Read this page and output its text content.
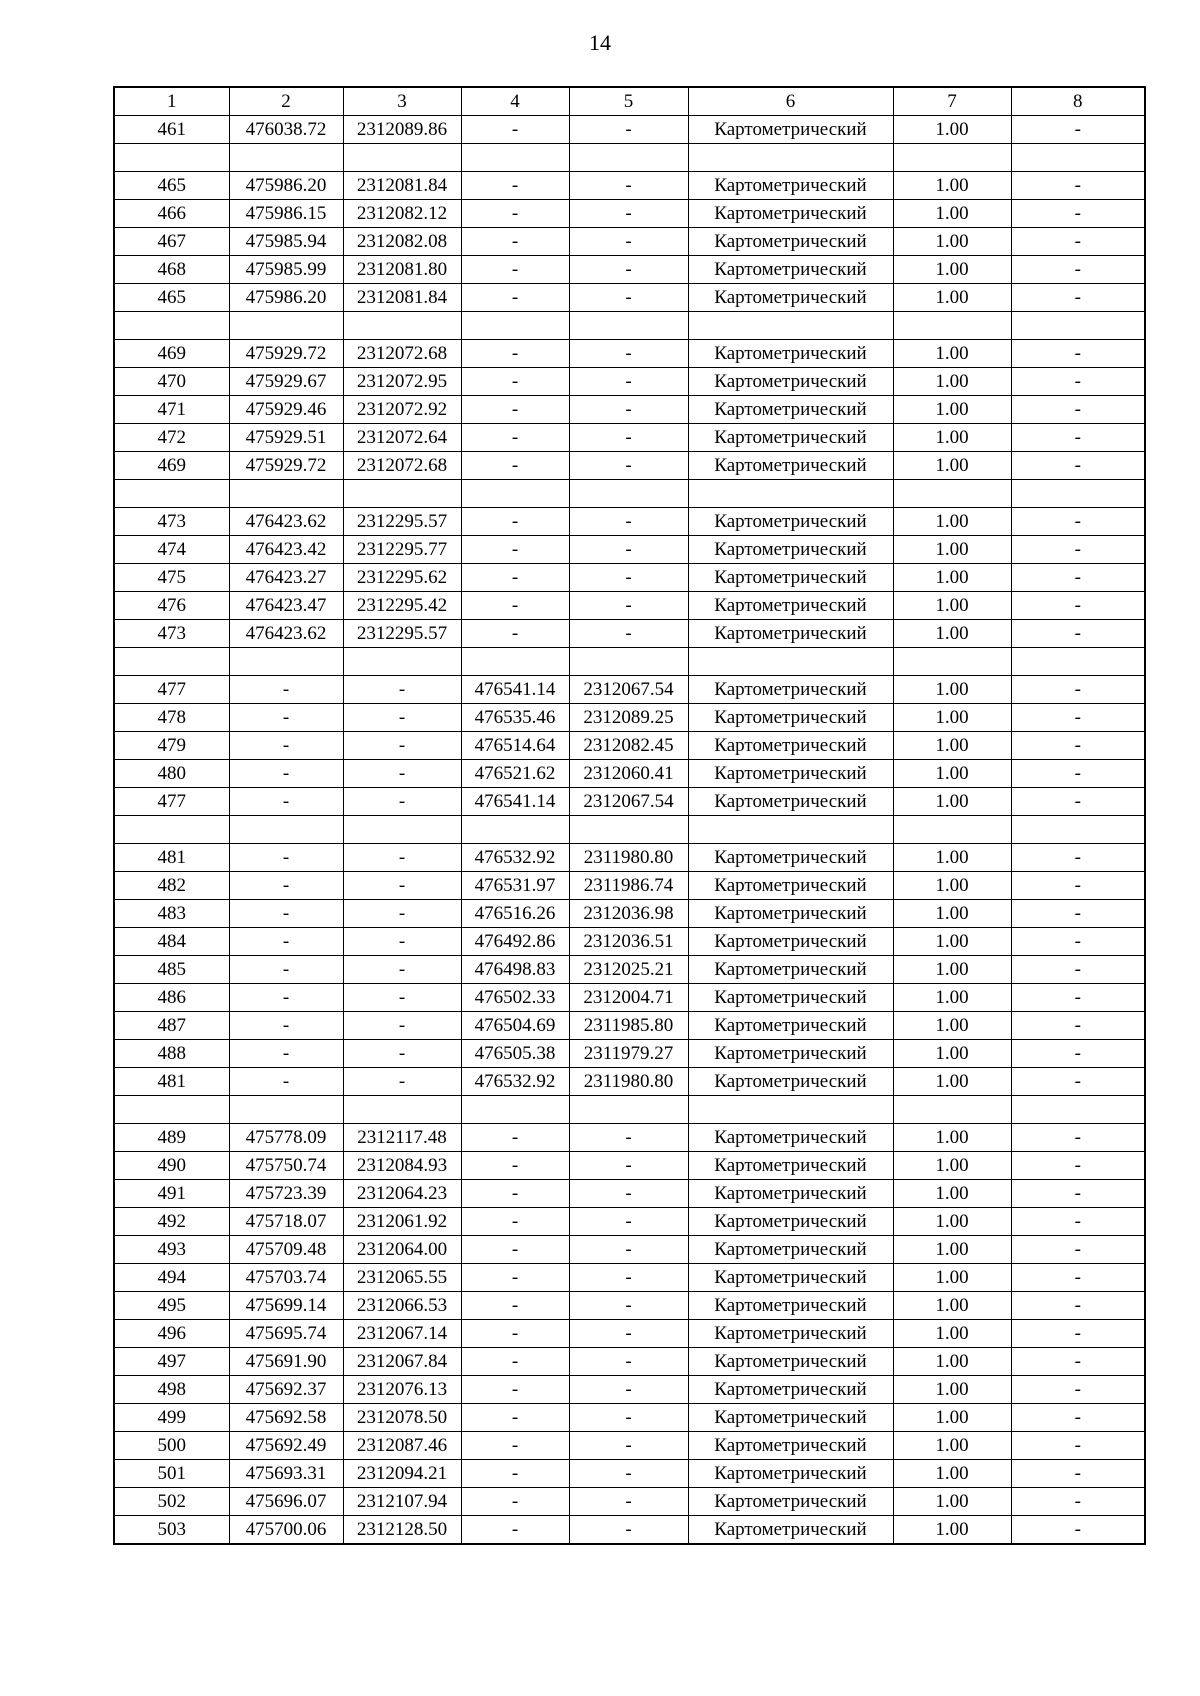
14
1	2	3	4	5	6	7	8
461	476038.72	2312089.86	-	-	Картометрический	1.00	-

465	475986.20	2312081.84	-	-	Картометрический	1.00	-
466	475986.15	2312082.12	-	-	Картометрический	1.00	-
467	475985.94	2312082.08	-	-	Картометрический	1.00	-
468	475985.99	2312081.80	-	-	Картометрический	1.00	-
465	475986.20	2312081.84	-	-	Картометрический	1.00	-

469	475929.72	2312072.68	-	-	Картометрический	1.00	-
470	475929.67	2312072.95	-	-	Картометрический	1.00	-
471	475929.46	2312072.92	-	-	Картометрический	1.00	-
472	475929.51	2312072.64	-	-	Картометрический	1.00	-
469	475929.72	2312072.68	-	-	Картометрический	1.00	-

473	476423.62	2312295.57	-	-	Картометрический	1.00	-
474	476423.42	2312295.77	-	-	Картометрический	1.00	-
475	476423.27	2312295.62	-	-	Картометрический	1.00	-
476	476423.47	2312295.42	-	-	Картометрический	1.00	-
473	476423.62	2312295.57	-	-	Картометрический	1.00	-

477	-	-	476541.14	2312067.54	Картометрический	1.00	-
478	-	-	476535.46	2312089.25	Картометрический	1.00	-
479	-	-	476514.64	2312082.45	Картометрический	1.00	-
480	-	-	476521.62	2312060.41	Картометрический	1.00	-
477	-	-	476541.14	2312067.54	Картометрический	1.00	-

481	-	-	476532.92	2311980.80	Картометрический	1.00	-
482	-	-	476531.97	2311986.74	Картометрический	1.00	-
483	-	-	476516.26	2312036.98	Картометрический	1.00	-
484	-	-	476492.86	2312036.51	Картометрический	1.00	-
485	-	-	476498.83	2312025.21	Картометрический	1.00	-
486	-	-	476502.33	2312004.71	Картометрический	1.00	-
487	-	-	476504.69	2311985.80	Картометрический	1.00	-
488	-	-	476505.38	2311979.27	Картометрический	1.00	-
481	-	-	476532.92	2311980.80	Картометрический	1.00	-

489	475778.09	2312117.48	-	-	Картометрический	1.00	-
490	475750.74	2312084.93	-	-	Картометрический	1.00	-
491	475723.39	2312064.23	-	-	Картометрический	1.00	-
492	475718.07	2312061.92	-	-	Картометрический	1.00	-
493	475709.48	2312064.00	-	-	Картометрический	1.00	-
494	475703.74	2312065.55	-	-	Картометрический	1.00	-
495	475699.14	2312066.53	-	-	Картометрический	1.00	-
496	475695.74	2312067.14	-	-	Картометрический	1.00	-
497	475691.90	2312067.84	-	-	Картометрический	1.00	-
498	475692.37	2312076.13	-	-	Картометрический	1.00	-
499	475692.58	2312078.50	-	-	Картометрический	1.00	-
500	475692.49	2312087.46	-	-	Картометрический	1.00	-
501	475693.31	2312094.21	-	-	Картометрический	1.00	-
502	475696.07	2312107.94	-	-	Картометрический	1.00	-
503	475700.06	2312128.50	-	-	Картометрический	1.00	-
